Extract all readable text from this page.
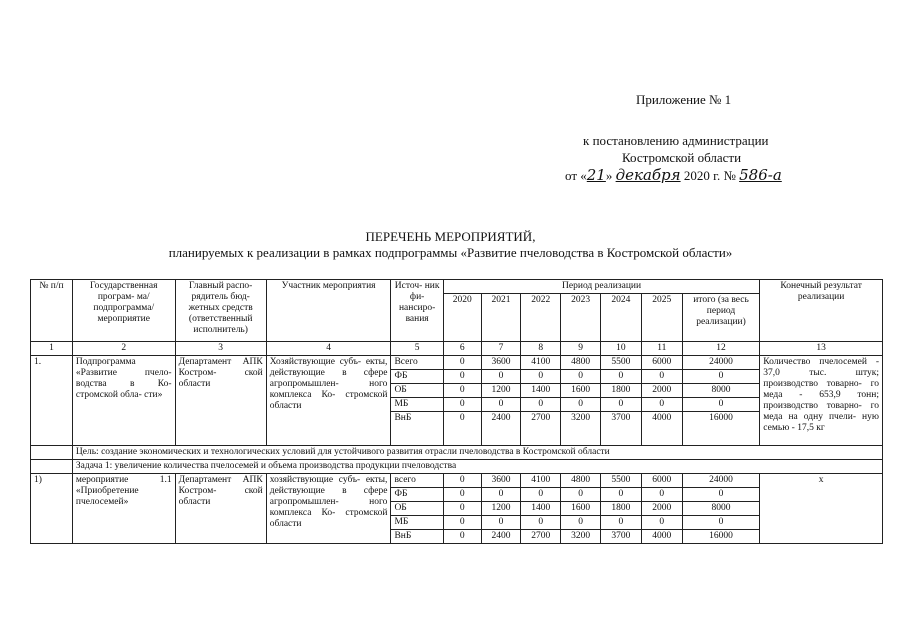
Приложение № 1
к постановлению администрации
Костромской области
от «21» декабря 2020 г. № 586-а
ПЕРЕЧЕНЬ МЕРОПРИЯТИЙ,
планируемых к реализации в рамках подпрограммы «Развитие пчеловодства в Костромской области»
№ п/п	Государственная програм- ма/подпрограмма/ мероприятие	Главный распо- рядитель бюд- жетных средств (ответственный исполнитель)	Участник мероприятия	Источ- ник фи- нансиро- вания	Период реализации							Конечный результат реализации
					2020	2021	2022	2023	2024	2025	итого (за весь период реализации)	
1	2	3	4	5	6	7	8	9	10	11	12	13
1.	Подпрограмма «Развитие пчело- водства в Ко- стромской обла- сти»	Департамент АПК Костром- ской области	Хозяйствующие субъ- екты, действующие в сфере агропромышлен- ного комплекса Ко- стромской области	Всего	0	3600	4100	4800	5500	6000	24000	Количество пчелосемей - 37,0 тыс. штук; производство товарно- го меда - 653,9 тонн; производство товарно- го меда на одну пчели- ную семью - 17,5 кг
				ФБ	0	0	0	0	0	0	0	
				ОБ	0	1200	1400	1600	1800	2000	8000	
				МБ	0	0	0	0	0	0	0	
				ВнБ	0	2400	2700	3200	3700	4000	16000	
	Цель: создание экономических и технологических условий для устойчивого развития отрасли пчеловодства в Костромской области											
	Задача 1: увеличение количества пчелосемей и объема производства продукции пчеловодства											
1)	мероприятие 1.1 «Приобретение пчелосемей»	Департамент АПК Костром- ской области	хозяйствующие субъ- екты, действующие в сфере агропромышлен- ного комплекса Ко- стромской области	всего	0	3600	4100	4800	5500	6000	24000	х
				ФБ	0	0	0	0	0	0	0	
				ОБ	0	1200	1400	1600	1800	2000	8000	
				МБ	0	0	0	0	0	0	0	
				ВнБ	0	2400	2700	3200	3700	4000	16000	
